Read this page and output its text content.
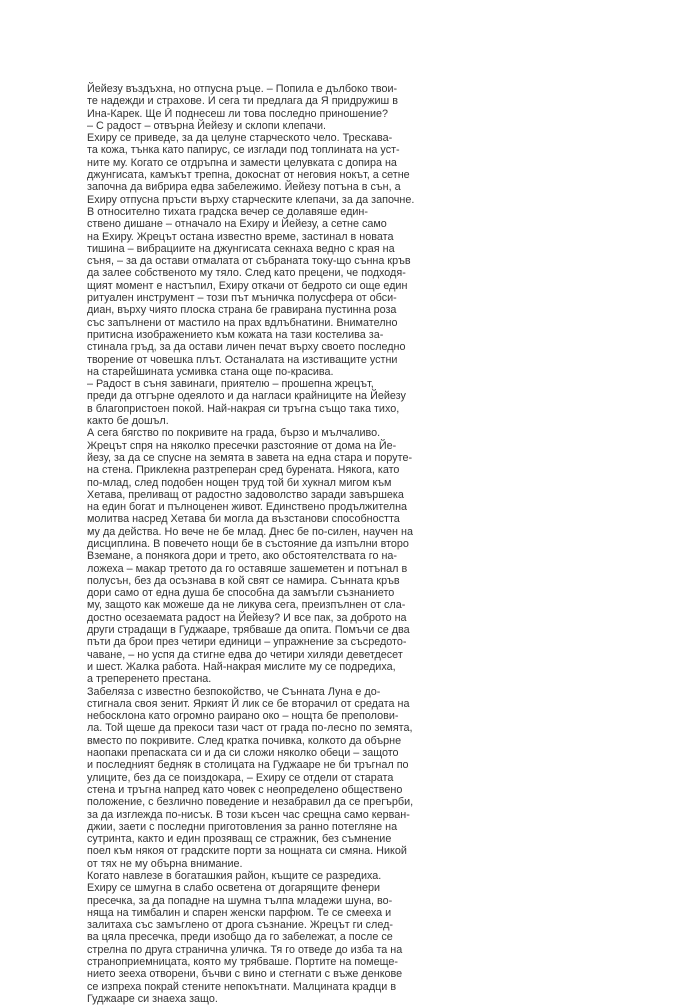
Йейезу въздъхна, но отпусна ръце. – Попила е дълбоко твои-
те надежди и страхове. И сега ти предлага да Я придружиш в
Ина-Карек. Ще Ӣ поднесеш ли това последно приношение?
– С радост – отвърна Йейезу и склопи клепачи.
Ехиру се приведе, за да целуне старческото чело. Трескава-
та кожа, тънка като папирус, се изглади под топлината на уст-
ните му. Когато се отдръпна и замести целувката с допира на
джунгисата, камъкът трепна, докоснат от неговия нокът, а сетне
започна да вибрира едва забележимо. Йейезу потъна в сън, а
Ехиру отпусна пръсти върху старческите клепачи, за да започне.
В относително тихата градска вечер се долавяше един-
ствено дишане – отначало на Ехиру и Йейезу, а сетне само
на Ехиру. Жрецът остана известно време, застинал в новата
тишина – вибрациите на джунгисата секнаха ведно с края на
съня, – за да остави отмалата от събраната току-що сънна кръв
да залее собственото му тяло. След като прецени, че подходя-
щият момент е настъпил, Ехиру откачи от бедрото си още един
ритуален инструмент – този път мъничка полусфера от обси-
диан, върху чиято плоска страна бе гравирана пустинна роза
със запълнени от мастило на прах вдлъбнатини. Внимателно
притисна изображението към кожата на тази костелива за-
стинала гръд, за да остави личен печат върху своето последно
творение от човешка плът. Останалата на изстиващите устни
на старейшината усмивка стана още по-красива.
– Радост в съня завинаги, приятелю – прошепна жрецът,
преди да отгърне одеялото и да нагласи крайниците на Йейезу
в благопристоен покой. Най-накрая си тръгна също така тихо,
както бе дошъл.
А сега бягство по покривите на града, бързо и мълчаливо.
Жрецът спря на няколко пресечки разстояние от дома на Йе-
йезу, за да се спусне на земята в завета на една стара и порутe-
на стена. Приклекна разтреперан сред бурената. Някога, като
по-млад, след подобен нощен труд той би хукнал мигом към
Хетава, преливащ от радостно задоволство заради завършека
на един богат и пълноценен живот. Единствено продължителна
молитва насред Хетава би могла да възстанови способността
му да действа. Но вече не бе млад. Днес бе по-силен, научен на
дисциплина. В повечето нощи бе в състояние да изпълни второ
Вземане, а понякога дори и трето, ако обстоятелствата го на-
ложеха – макар третото да го оставяше зашеметен и потънал в
полусън, без да осъзнава в кой свят се намира. Сънната кръв
дори само от една душа бе способна да замъгли съзнанието
му, защото как можеше да не ликува сега, преизпълнен от сла-
достно осезаемата радост на Йейезу? И все пак, за доброто на
други страдащи в Гуджааре, трябваше да опита. Помъчи се два
пъти да брои през четири единици – упражнение за съсредото-
чаване, – но успя да стигне едва до четири хиляди деветдесет
и шест. Жалка работа. Най-накрая мислите му се подредиха,
а треперенето престана.
Забеляза с известно безпокойство, че Сънната Луна е до-
стигнала своя зенит. Яркият Ӣ лик се бе вторачил от средата на
небосклона като огромно раирано око – нощта бе преполови-
ла. Той щеше да прекоси тази част от града по-лесно по земята,
вместо по покривите. След кратка почивка, колкото да обърне
наопаки препаската си и да си сложи няколко обеци – защото
и последният бедняк в столицата на Гуджааре не би тръгнал по
улиците, без да се поиздокара, – Ехиру се отдели от старата
стена и тръгна напред като човек с неопределено обществено
положение, с безлично поведение и незабравил да се прегърби,
за да изглежда по-нисък. В този късен час срещна само керван-
джии, заети с последни приготовления за ранно потегляне на
сутринта, както и един прозяващ се стражник, без съмнение
поел към някоя от градските порти за нощната си смяна. Никой
от тях не му обърна внимание.
Когато навлезе в богаташкия район, къщите се разредиха.
Ехиру се шмугна в слабо осветена от догарящите фенери
пресечка, за да попадне на шумна тълпа младежи шуна, во-
няща на тимбалин и спарен женски парфюм. Те се смееха и
залитаха със замъглено от дрога съзнание. Жрецът ги след-
ва цяла пресечка, преди изобщо да го забележат, а после се
стрелна по друга странична уличка. Тя го отведе до изба та на
страноприемницата, която му трябваше. Портите на помеще-
нието зееха отворени, бъчви с вино и стегнати с въже денкове
се изпреха покрай стените непокътнати. Малцината крадци в
Гуджааре си знаеха защо.
